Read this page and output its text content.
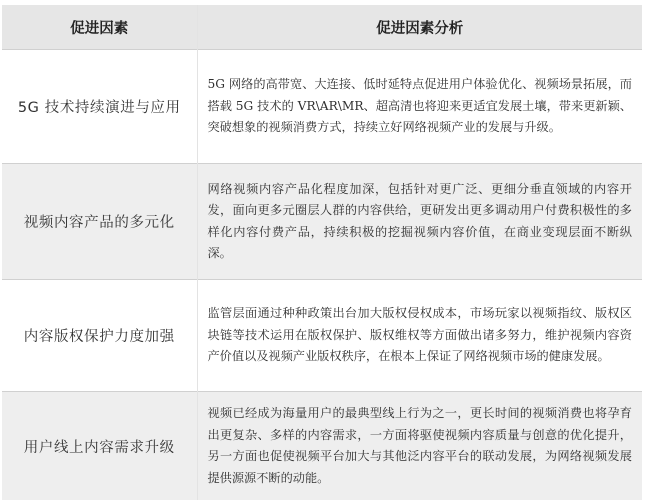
促进因素	促进因素分析
5G 技术持续演进与应用	5G 网络的高带宽、大连接、低时延特点促进用户体验优化、视频场景拓展，而搭载 5G 技术的 VR\AR\MR、超高清也将迎来更适宜发展土壤，带来更新颖、突破想象的视频消费方式，持续立好网络视频产业的发展与升级。
视频内容产品的多元化	网络视频内容产品化程度加深，包括针对更广泛、更细分垂直领域的内容开发，面向更多元圈层人群的内容供给，更研发出更多调动用户付费积极性的多样化内容付费产品，持续积极的挖掘视频内容价值，在商业变现层面不断纵深。
内容版权保护力度加强	监管层面通过种种政策出台加大版权侵权成本，市场玩家以视频指纹、版权区块链等技术运用在版权保护、版权维权等方面做出诸多努力，维护视频内容资产价值以及视频产业版权秩序，在根本上保证了网络视频市场的健康发展。
用户线上内容需求升级	视频已经成为海量用户的最典型线上行为之一，更长时间的视频消费也将孕育出更复杂、多样的内容需求，一方面将驱使视频内容质量与创意的优化提升，另一方面也促使视频平台加大与其他泛内容平台的联动发展，为网络视频发展提供源源不断的动能。
